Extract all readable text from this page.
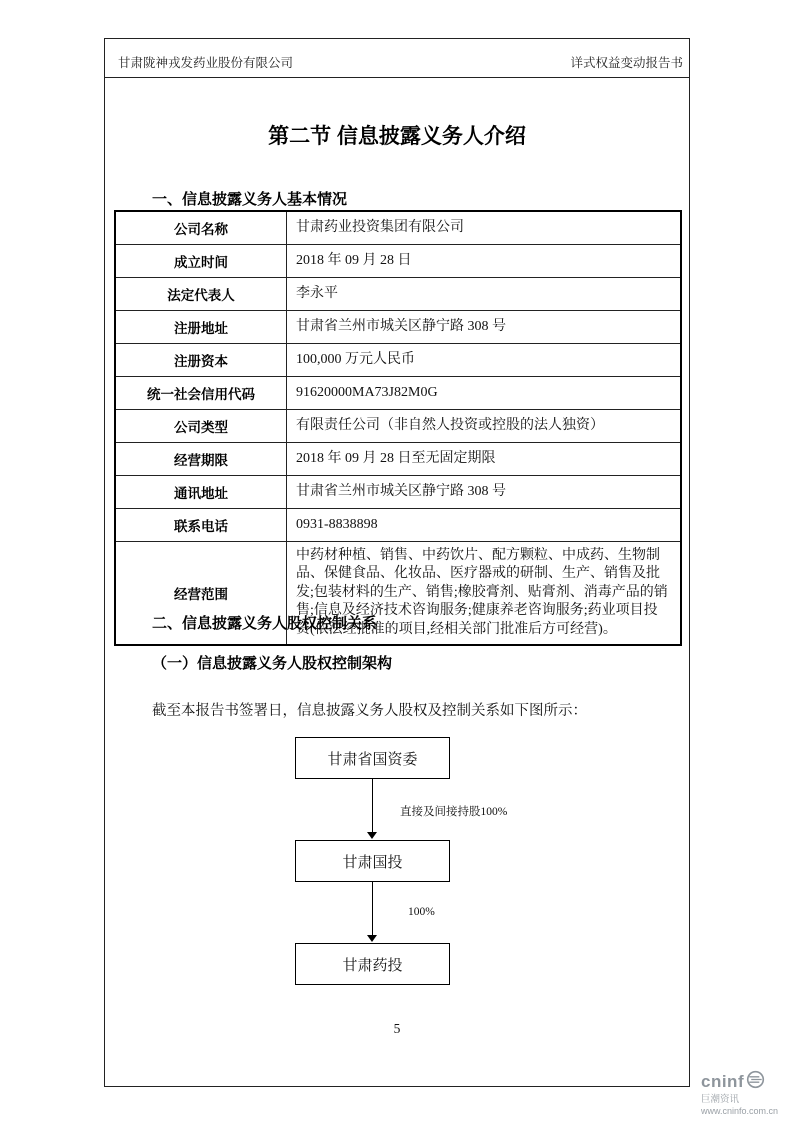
甘肃陇神戎发药业股份有限公司	详式权益变动报告书
第二节 信息披露义务人介绍
一、信息披露义务人基本情况
公司名称	甘肃药业投资集团有限公司
成立时间	2018 年 09 月 28 日
法定代表人	李永平
注册地址	甘肃省兰州市城关区静宁路 308 号
注册资本	100,000 万元人民币
统一社会信用代码	91620000MA73J82M0G
公司类型	有限责任公司（非自然人投资或控股的法人独资）
经营期限	2018 年 09 月 28 日至无固定期限
通讯地址	甘肃省兰州市城关区静宁路 308 号
联系电话	0931-8838898
经营范围	中药材种植、销售、中药饮片、配方颗粒、中成药、生物制品、保健食品、化妆品、医疗器戒的研制、生产、销售及批发;包装材料的生产、销售;橡胶膏剂、贴膏剂、消毒产品的销售;信息及经济技术咨询服务;健康养老咨询服务;药业项目投资(依法经批准的项目,经相关部门批准后方可经营)。
二、信息披露义务人股权控制关系
（一）信息披露义务人股权控制架构
截至本报告书签署日，信息披露义务人股权及控制关系如下图所示：
甘肃省国资委
直接及间接持股100%
甘肃国投
100%
甘肃药投
5
cninf
巨潮资讯
www.cninfo.com.cn
